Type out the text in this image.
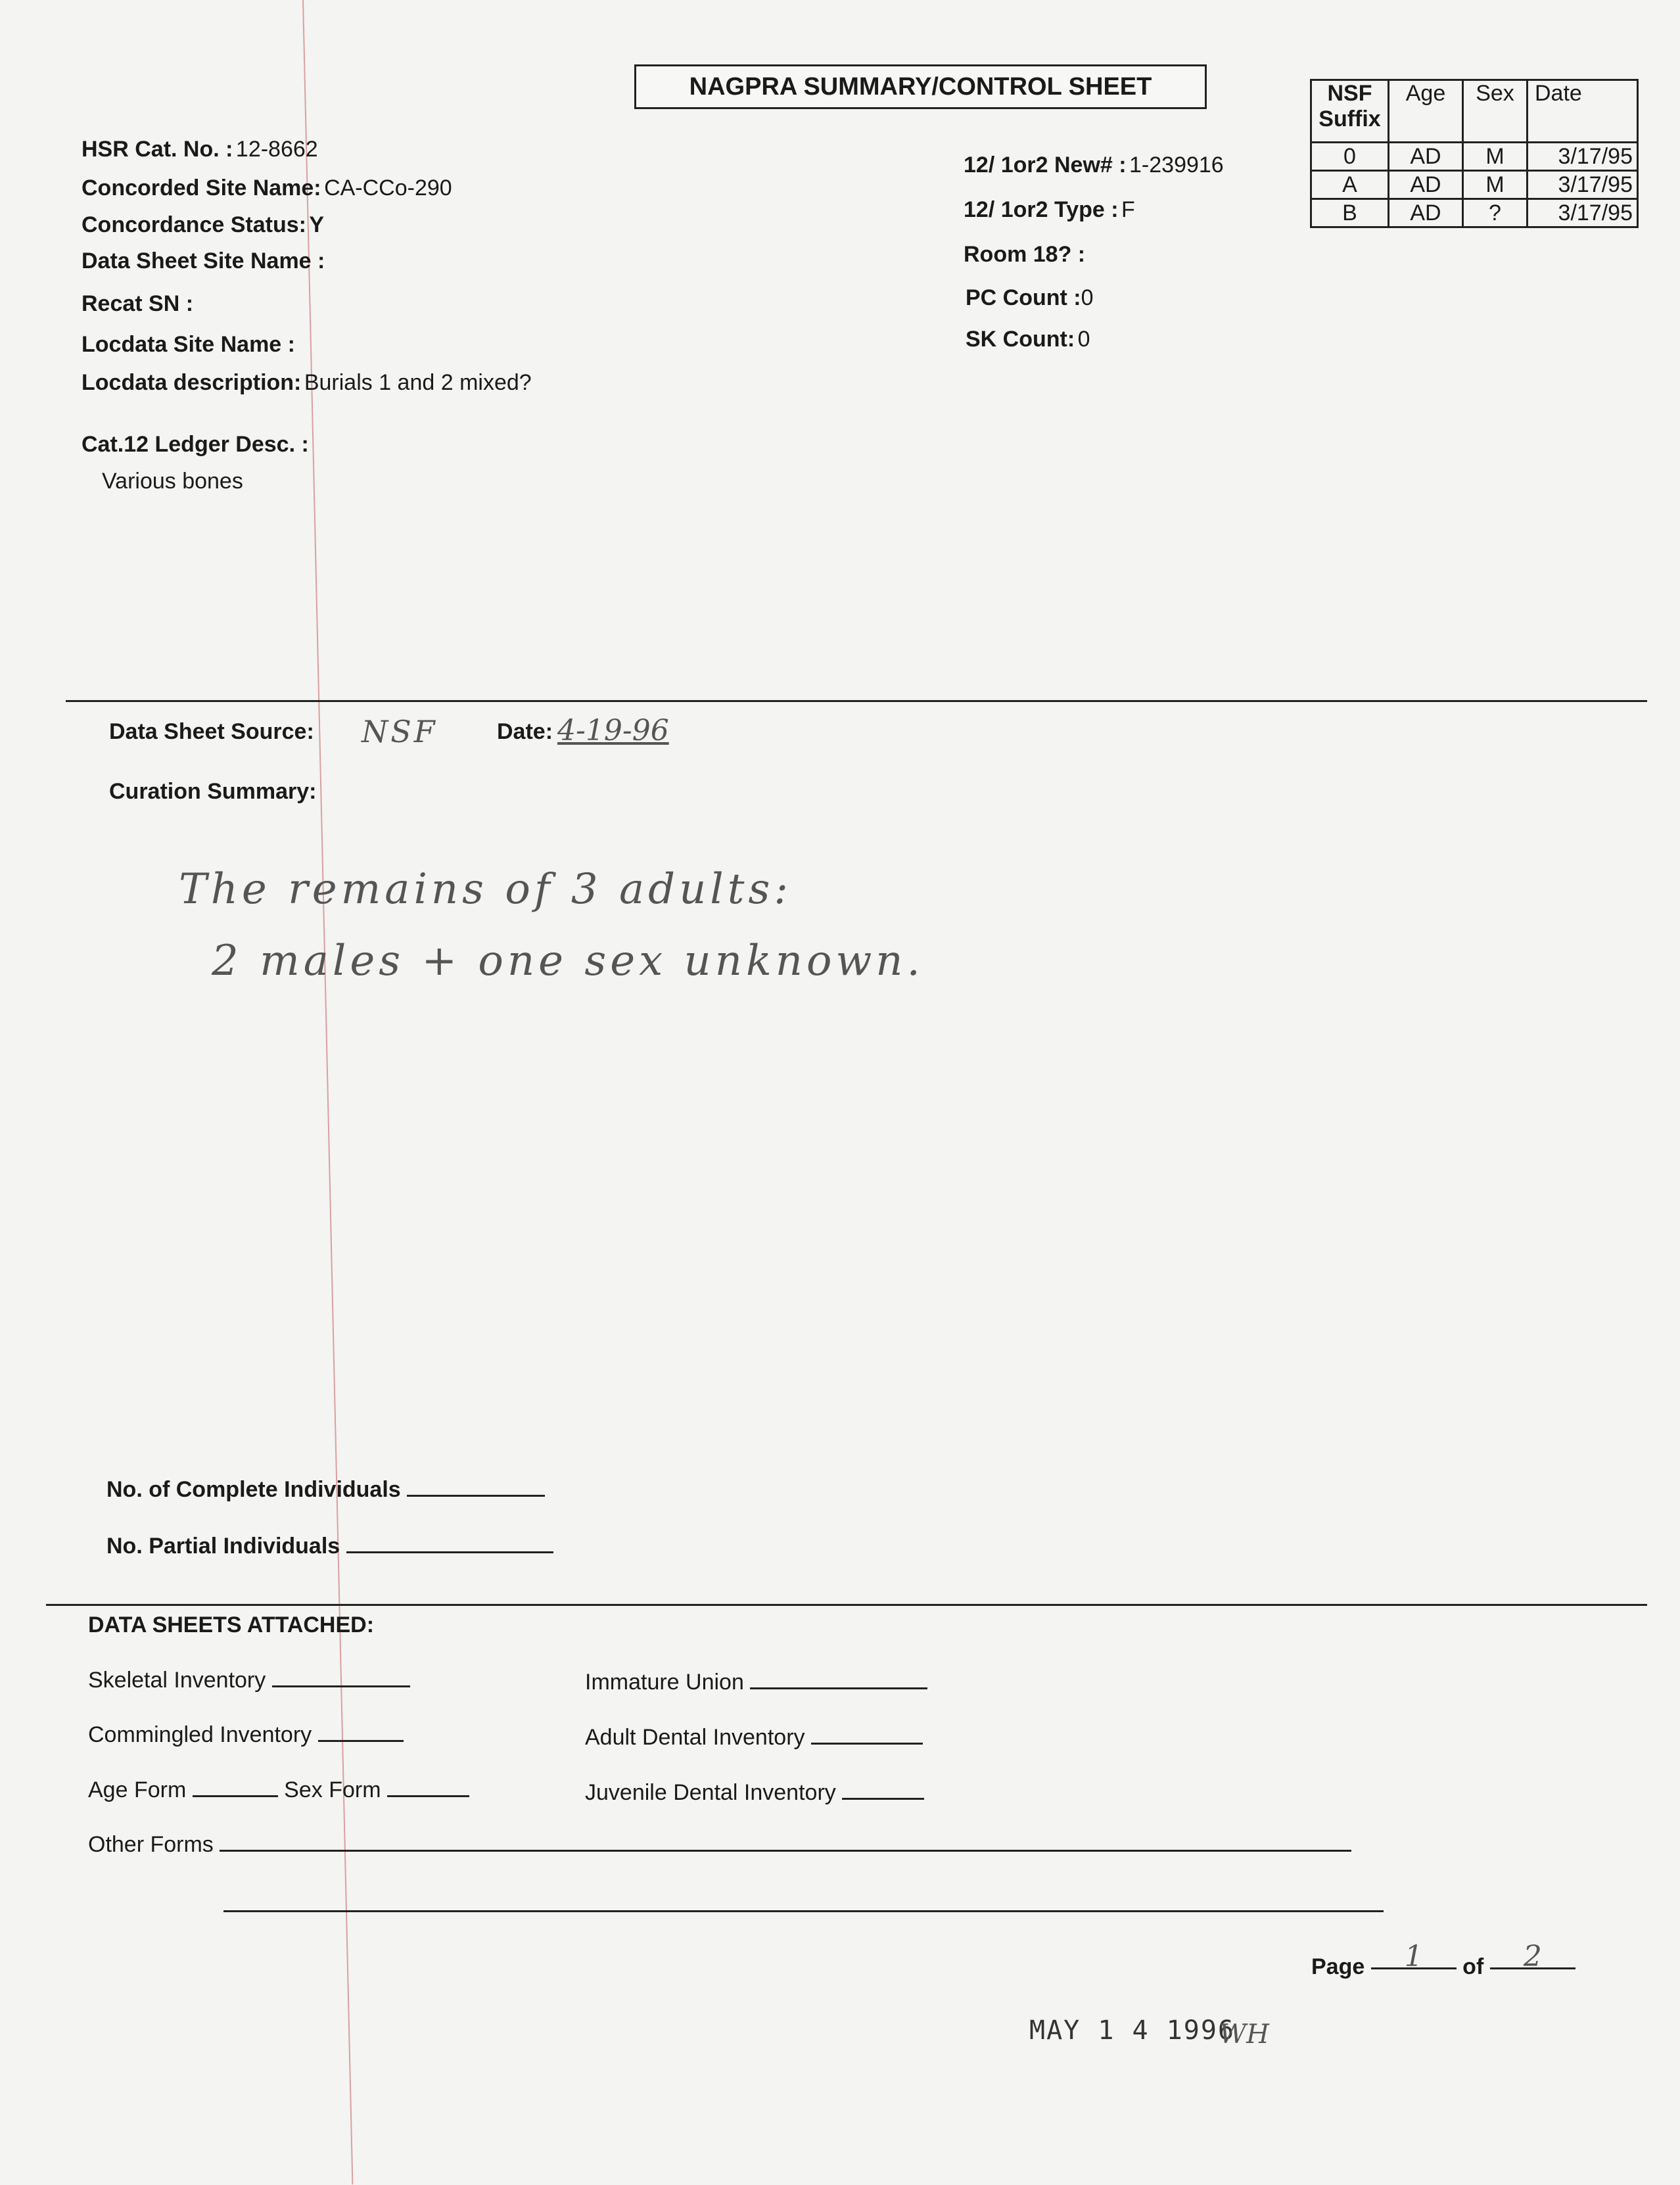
NAGPRA SUMMARY/CONTROL SHEET
HSR Cat. No. : 12-8662
Concorded Site Name: CA-CCo-290
Concordance Status: Y
Data Sheet Site Name :
Recat SN :
Locdata Site Name :
Locdata description: Burials 1 and 2 mixed?
Cat.12 Ledger Desc. :
Various bones
12/ 1or2 New# : 1-239916
12/ 1or2 Type : F
Room 18? :
PC Count :0
SK Count: 0
NSF Suffix	Age	Sex	Date
0	AD	M	3/17/95
A	AD	M	3/17/95
B	AD	?	3/17/95
Data Sheet Source: NSF	Date: 4-19-96
Curation Summary:
The remains of 3 adults:
2 males + one sex unknown.
No. of Complete Individuals
No. Partial Individuals
DATA SHEETS ATTACHED:
Skeletal Inventory
Commingled Inventory
Age Form	Sex Form
Other Forms
Immature Union
Adult Dental Inventory
Juvenile Dental Inventory
Page 1 of 2
MAY 1 4 1996
WH
